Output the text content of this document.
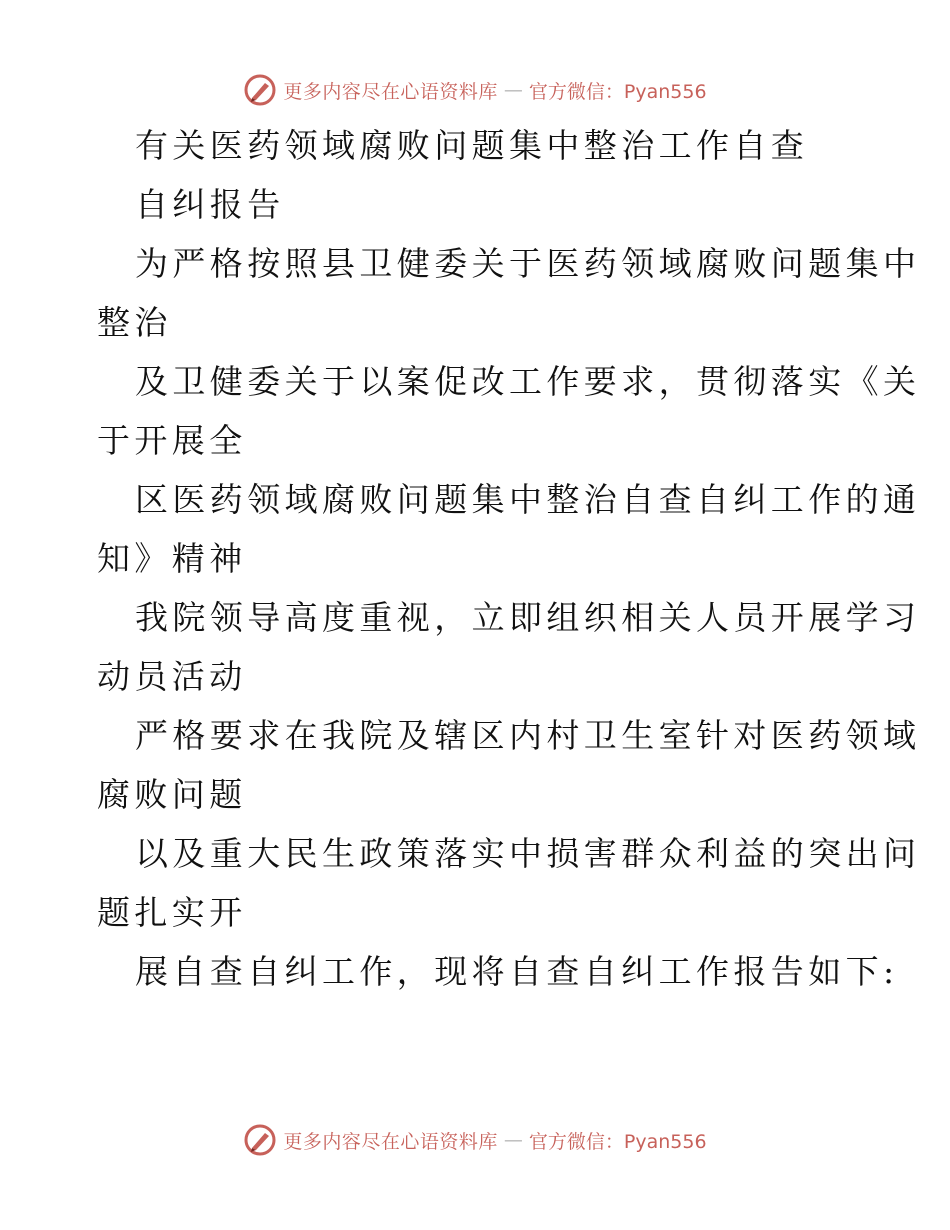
更多内容尽在心语资料库 — 官方微信：Pyan556
有关医药领域腐败问题集中整治工作自查
自纠报告
为严格按照县卫健委关于医药领域腐败问题集中
整治
及卫健委关于以案促改工作要求，贯彻落实《关
于开展全
区医药领域腐败问题集中整治自查自纠工作的通
知》精神
我院领导高度重视，立即组织相关人员开展学习
动员活动
严格要求在我院及辖区内村卫生室针对医药领域
腐败问题
以及重大民生政策落实中损害群众利益的突出问
题扎实开
展自查自纠工作，现将自查自纠工作报告如下:
更多内容尽在心语资料库 — 官方微信：Pyan556
